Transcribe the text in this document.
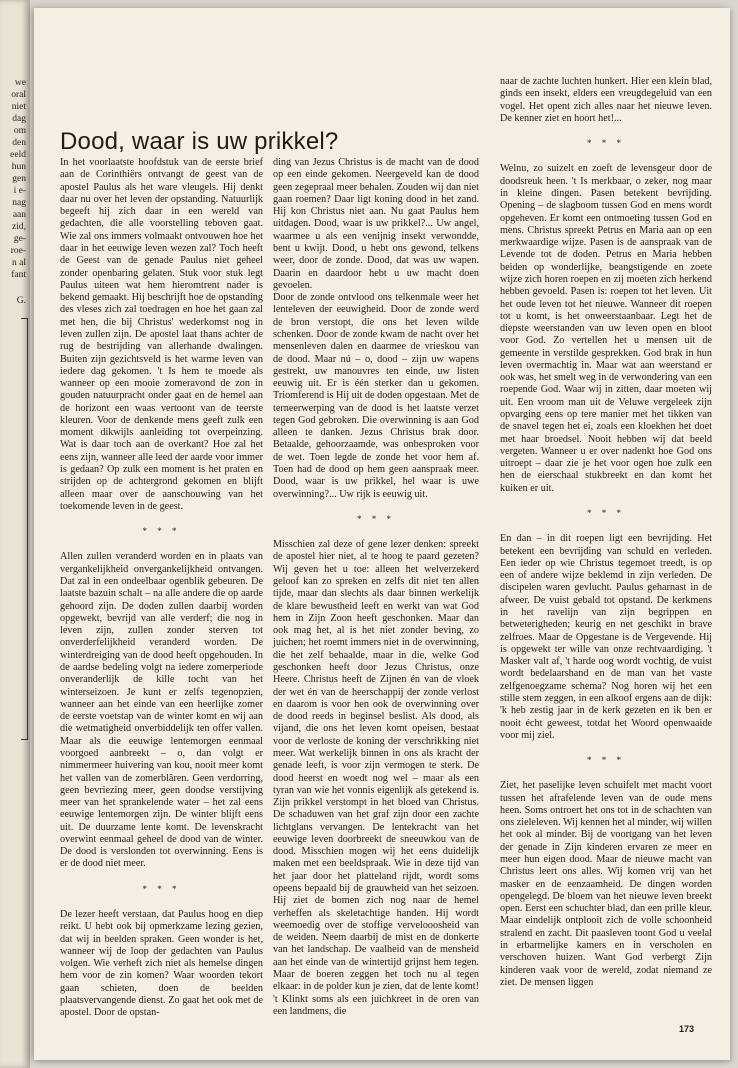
we
oral
niet
dag
om
den
eeld
hun
gen
i e-
nag
aan
zid,
ge-
roe-
n al
fant
G.
Dood, waar is uw prikkel?

In het voorlaatste hoofdstuk van de eerste brief aan de Corinthiërs ontvangt de geest van de apostel Paulus als het ware vleugels. Hij denkt daar nu over het leven der opstanding. Natuurlijk begeeft hij zich daar in een wereld van gedachten, die alle voorstelling teboven gaat. Wie zal ons immers volmaakt ontvouwen hoe het daar in het eeuwige leven wezen zal? Toch heeft de Geest van de genade Paulus niet geheel zonder openbaring gelaten. Stuk voor stuk legt Paulus uiteen wat hem hieromtrent nader is bekend gemaakt. Hij beschrijft hoe de opstanding des vleses zich zal toedragen en hoe het gaan zal met hen, die bij Christus' wederkomst nog in leven zullen zijn. De apostel laat thans achter de rug de bestrijding van allerhande dwalingen. Buiten zijn gezichtsveld is het warme leven van iedere dag gekomen. 't Is hem te moede als wanneer op een mooie zomeravond de zon in gouden natuurpracht onder gaat en de hemel aan de horizont een waas vertoont van de teerste kleuren. Voor de denkende mens geeft zulk een moment dikwijls aanleiding tot overpeinzing. Wat is daar toch aan de overkant? Hoe zal het eens zijn, wanneer alle leed der aarde voor immer is gedaan? Op zulk een moment is het praten en strijden op de achtergrond gekomen en blijft alleen maar over de aanschouwing van het toekomende leven in de geest.

* * *

Allen zullen veranderd worden en in plaats van vergankelijkheid onvergankelijkheid ontvangen. Dat zal in een ondeelbaar ogenblik gebeuren. De laatste bazuin schalt – na alle andere die op aarde gehoord zijn. De doden zullen daarbij worden opgewekt, bevrijd van alle verderf; die nog in leven zijn, zullen zonder sterven tot onverderfelijkheid veranderd worden. De winterdreiging van de dood heeft opgehouden. In de aardse bedeling volgt na iedere zomerperiode onveranderlijk de kille tocht van het winterseizoen. Je kunt er zelfs tegenopzien, wanneer aan het einde van een heerlijke zomer de eerste voetstap van de winter komt en wij aan die wetmatigheid onverbiddelijk ten offer vallen. Maar als die eeuwige lentemorgen eenmaal voorgoed aanbreekt – o, dan volgt er nimmermeer huivering van kou, nooit meer komt het vallen van de zomerblâren. Geen verdorring, geen bevriezing meer, geen doodse verstijving meer van het sprankelende water – het zal eens eeuwige lentemorgen zijn. De winter blijft eens uit. De duurzame lente komt. De levenskracht overwint eenmaal geheel de dood van de winter. De dood is verslonden tot overwinning. Eens is er de dood niet meer.

* * *

De lezer heeft verstaan, dat Paulus hoog en diep reikt. U hebt ook bij opmerkzame lezing gezien, dat wij in beelden spraken. Geen wonder is het, wanneer wij de loop der gedachten van Paulus volgen. Wie verheft zich niet als hemelse dingen hem voor de zin komen? Waar woorden tekort gaan schieten, doen de beelden plaatsvervangende dienst. Zo gaat het ook met de apostel. Door de opstan-

ding van Jezus Christus is de macht van de dood op een einde gekomen. Neergeveld kan de dood geen zegepraal meer behalen. Zouden wij dan niet gaan roemen? Daar ligt koning dood in het zand. Hij kon Christus niet aan. Nu gaat Paulus hem uitdagen. Dood, waar is uw prikkel?... Uw angel, waarmee u als een venijnig insekt verwondde, bent u kwijt. Dood, u hebt ons gewond, telkens weer, door de zonde. Dood, dat was uw wapen. Daarin en daardoor hebt u uw macht doen gevoelen.

Door de zonde ontvlood ons telkenmale weer het lenteleven der eeuwigheid. Door de zonde werd de bron verstopt, die ons het leven wilde schenken. Door de zonde kwam de nacht over het mensenleven dalen en daarmee de vrieskou van de dood. Maar nú – o, dood – zijn uw wapens gestrekt, uw manouvres ten einde, uw listen eeuwig uit. Er is één sterker dan u gekomen. Triomferend is Hij uit de doden opgestaan. Met de terneerwerping van de dood is het laatste verzet tegen God gebroken. Die overwinning is aan God alleen te danken. Jezus Christus brak door. Betaalde, gehoorzaamde, was onbesproken voor de wet. Toen legde de zonde het voor hem af. Toen had de dood op hem geen aanspraak meer. Dood, waar is uw prikkel, hel waar is uwe overwinning?... Uw rijk is eeuwig uit.

* * *

Misschien zal deze of gene lezer denken: spreekt de apostel hier niet, al te hoog te paard gezeten? Wij geven het u toe: alleen het welverzekerd geloof kan zo spreken en zelfs dit niet ten allen tijde, maar dan slechts als daar binnen werkelijk de klare bewustheid leeft en werkt van wat God hem in Zijn Zoon heeft geschonken. Maar dan ook mag het, al is het niet zonder beving, zo juichen; het roemt immers niet in de overwinning, die het zelf behaalde, maar in die, welke God geschonken heeft door Jezus Christus, onze Heere. Christus heeft de Zijnen én van de vloek der wet én van de heerschappij der zonde verlost en daarom is voor hen ook de overwinning over de dood reeds in beginsel beslist. Als dood, als vijand, die ons het leven komt opeisen, bestaat voor de verloste de koning der verschrikking niet meer. Wat werkelijk binnen in ons als kracht der genade leeft, is voor zijn vermogen te sterk. De dood heerst en woedt nog wel – maar als een tyran van wie het vonnis eigenlijk als getekend is. Zijn prikkel verstompt in het bloed van Christus. De schaduwen van het graf zijn door een zachte lichtglans vervangen. De lentekracht van het eeuwige leven doorbreekt de sneeuwkou van de dood. Misschien mogen wij het eens duidelijk maken met een beeldspraak. Wie in deze tijd van het jaar door het platteland rijdt, wordt soms opeens bepaald bij de grauwheid van het seizoen. Hij ziet de bomen zich nog naar de hemel verheffen als skeletachtige handen. Hij wordt weemoedig over de stoffige vervelooosheid van de weiden. Neem daarbij de mist en de donkerte van het landschap. De vaalheid van de mensheid aan het einde van de wintertijd grijnst hem tegen. Maar de boeren zeggen het toch nu al tegen elkaar: in de polder kun je zien, dat de lente komt! 't Klinkt soms als een juichkreet in de oren van een landmens, die

naar de zachte luchten hunkert. Hier een klein blad, ginds een insekt, elders een vreugdegeluid van een vogel. Het opent zich alles naar het nieuwe leven. De kenner ziet en hoort het!...

* * *

Welnu, zo suizelt en zoeft de levensgeur door de doodsreuk heen. 't Is merkbaar, o zeker, nog maar in kleine dingen. Pasen betekent bevrijding. Opening – de slagboom tussen God en mens wordt opgeheven. Er komt een ontmoeting tussen God en mens. Christus spreekt Petrus en Maria aan op een merkwaardige wijze. Pasen is de aanspraak van de Levende tot de doden. Petrus en Maria hebben beiden op wonderlijke, beangstigende en zoete wijze zich horen roepen en zij moeten zich herkend hebben gevoeld. Pasen is: roepen tot het leven. Uit het oude leven tot het nieuwe. Wanneer dit roepen tot u komt, is het onweerstaanbaar. Legt het de diepste weerstanden van uw leven open en bloot voor God. Zo vertellen het u mensen uit de gemeente in verstilde gesprekken. God brak in hun leven overmachtig in. Maar wat aan weerstand er ook was, het smelt weg in de verwondering van een roepende God. Waar wij in zitten, daar moeten wij uit. Een vroom man uit de Veluwe vergeleek zijn opvarging eens op tere manier met het tikken van de snavel tegen het ei, zoals een kloekhen het doet met haar broedsel. Nooit hebben wij dat beeld vergeten. Wanneer u er over nadenkt hoe God ons uitroept – daar zie je het voor ogen hoe zulk een hen de eierschaal stukbreekt en dan komt het kuiken er uit.

* * *

En dan – in dit roepen ligt een bevrijding. Het betekent een bevrijding van schuld en verleden. Een ieder op wie Christus tegemoet treedt, is op een of andere wijze beklemd in zijn verleden. De discipelen waren gevlucht. Paulus geharnast in de afweer. De vuist gebald tot opstand. De kerkmens in het ravelijn van zijn begrippen en betweterigheden; keurig en net geschikt in brave zelfroes. Maar de Opgestane is de Vergevende. Hij is opgewekt ter wille van onze rechtvaardiging. 't Masker valt af, 't harde oog wordt vochtig, de vuist wordt bedelaarshand en de man van het vaste zelfgenoegzame schema? Nog horen wij het een stille stem zeggen, in een alkoof ergens aan de dijk: 'k heb zestig jaar in de kerk gezeten en ik ben er nooit écht geweest, totdat het Woord openwaaide voor mij ziel.

* * *

Ziet, het paselijke leven schuifelt met macht voort tussen het afrafelende leven van de oude mens heen. Soms ontroert het ons tot in de schachten van ons zieleleven. Wij kennen het al minder, wij willen het ook al minder. Bij de voortgang van het leven der genade in Zijn kinderen ervaren ze meer en meer hun eigen dood. Maar de nieuwe macht van Christus leert ons alles. Wij komen vrij van het masker en de eenzaamheid. De dingen worden opengelegd. De bloem van het nieuwe leven breekt open. Eerst een schuchter blad, dan een prille kleur. Maar eindelijk ontplooit zich de volle schoonheid stralend en zacht. Dit paasleven toont God u veelal in erbarmelijke kamers en in verscholen en verschoven huizen. Want God verbergt Zijn kinderen vaak voor de wereld, zodat niemand ze ziet. De mensen liggen

173
